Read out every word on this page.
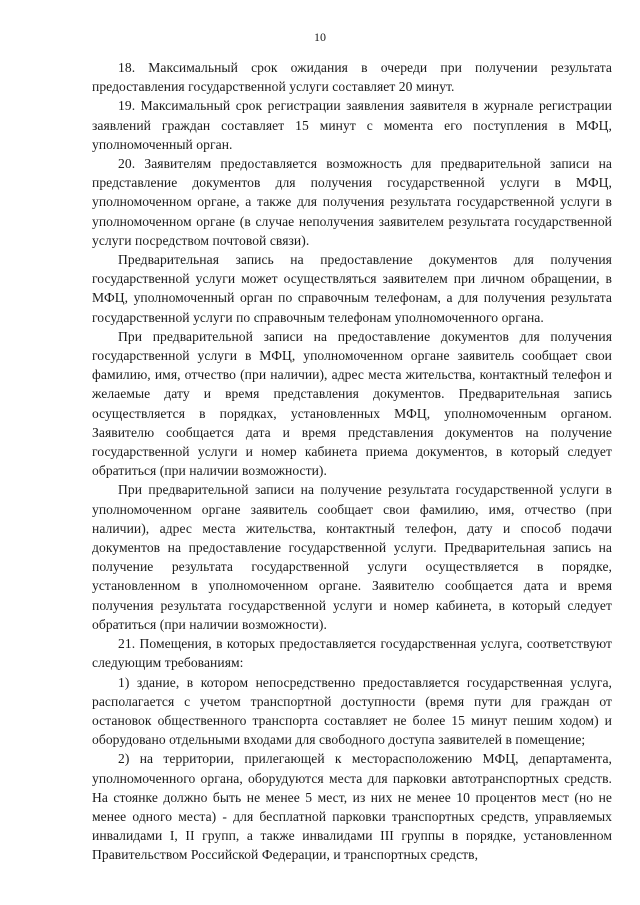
10

18. Максимальный срок ожидания в очереди при получении результата предоставления государственной услуги составляет 20 минут.

19. Максимальный срок регистрации заявления заявителя в журнале регистрации заявлений граждан составляет 15 минут с момента его поступления в МФЦ, уполномоченный орган.

20. Заявителям предоставляется возможность для предварительной записи на представление документов для получения государственной услуги в МФЦ, уполномоченном органе, а также для получения результата государственной услуги в уполномоченном органе (в случае неполучения заявителем результата государственной услуги посредством почтовой связи).

Предварительная запись на предоставление документов для получения государственной услуги может осуществляться заявителем при личном обращении, в МФЦ, уполномоченный орган по справочным телефонам, а для получения результата государственной услуги по справочным телефонам уполномоченного органа.

При предварительной записи на предоставление документов для получения государственной услуги в МФЦ, уполномоченном органе заявитель сообщает свои фамилию, имя, отчество (при наличии), адрес места жительства, контактный телефон и желаемые дату и время представления документов. Предварительная запись осуществляется в порядках, установленных МФЦ, уполномоченным органом. Заявителю сообщается дата и время представления документов на получение государственной услуги и номер кабинета приема документов, в который следует обратиться (при наличии возможности).

При предварительной записи на получение результата государственной услуги в уполномоченном органе заявитель сообщает свои фамилию, имя, отчество (при наличии), адрес места жительства, контактный телефон, дату и способ подачи документов на предоставление государственной услуги. Предварительная запись на получение результата государственной услуги осуществляется в порядке, установленном в уполномоченном органе. Заявителю сообщается дата и время получения результата государственной услуги и номер кабинета, в который следует обратиться (при наличии возможности).

21. Помещения, в которых предоставляется государственная услуга, соответствуют следующим требованиям:

1) здание, в котором непосредственно предоставляется государственная услуга, располагается с учетом транспортной доступности (время пути для граждан от остановок общественного транспорта составляет не более 15 минут пешим ходом) и оборудовано отдельными входами для свободного доступа заявителей в помещение;

2) на территории, прилегающей к месторасположению МФЦ, департамента, уполномоченного органа, оборудуются места для парковки автотранспортных средств. На стоянке должно быть не менее 5 мест, из них не менее 10 процентов мест (но не менее одного места) - для бесплатной парковки транспортных средств, управляемых инвалидами I, II групп, а также инвалидами III группы в порядке, установленном Правительством Российской Федерации, и транспортных средств,
